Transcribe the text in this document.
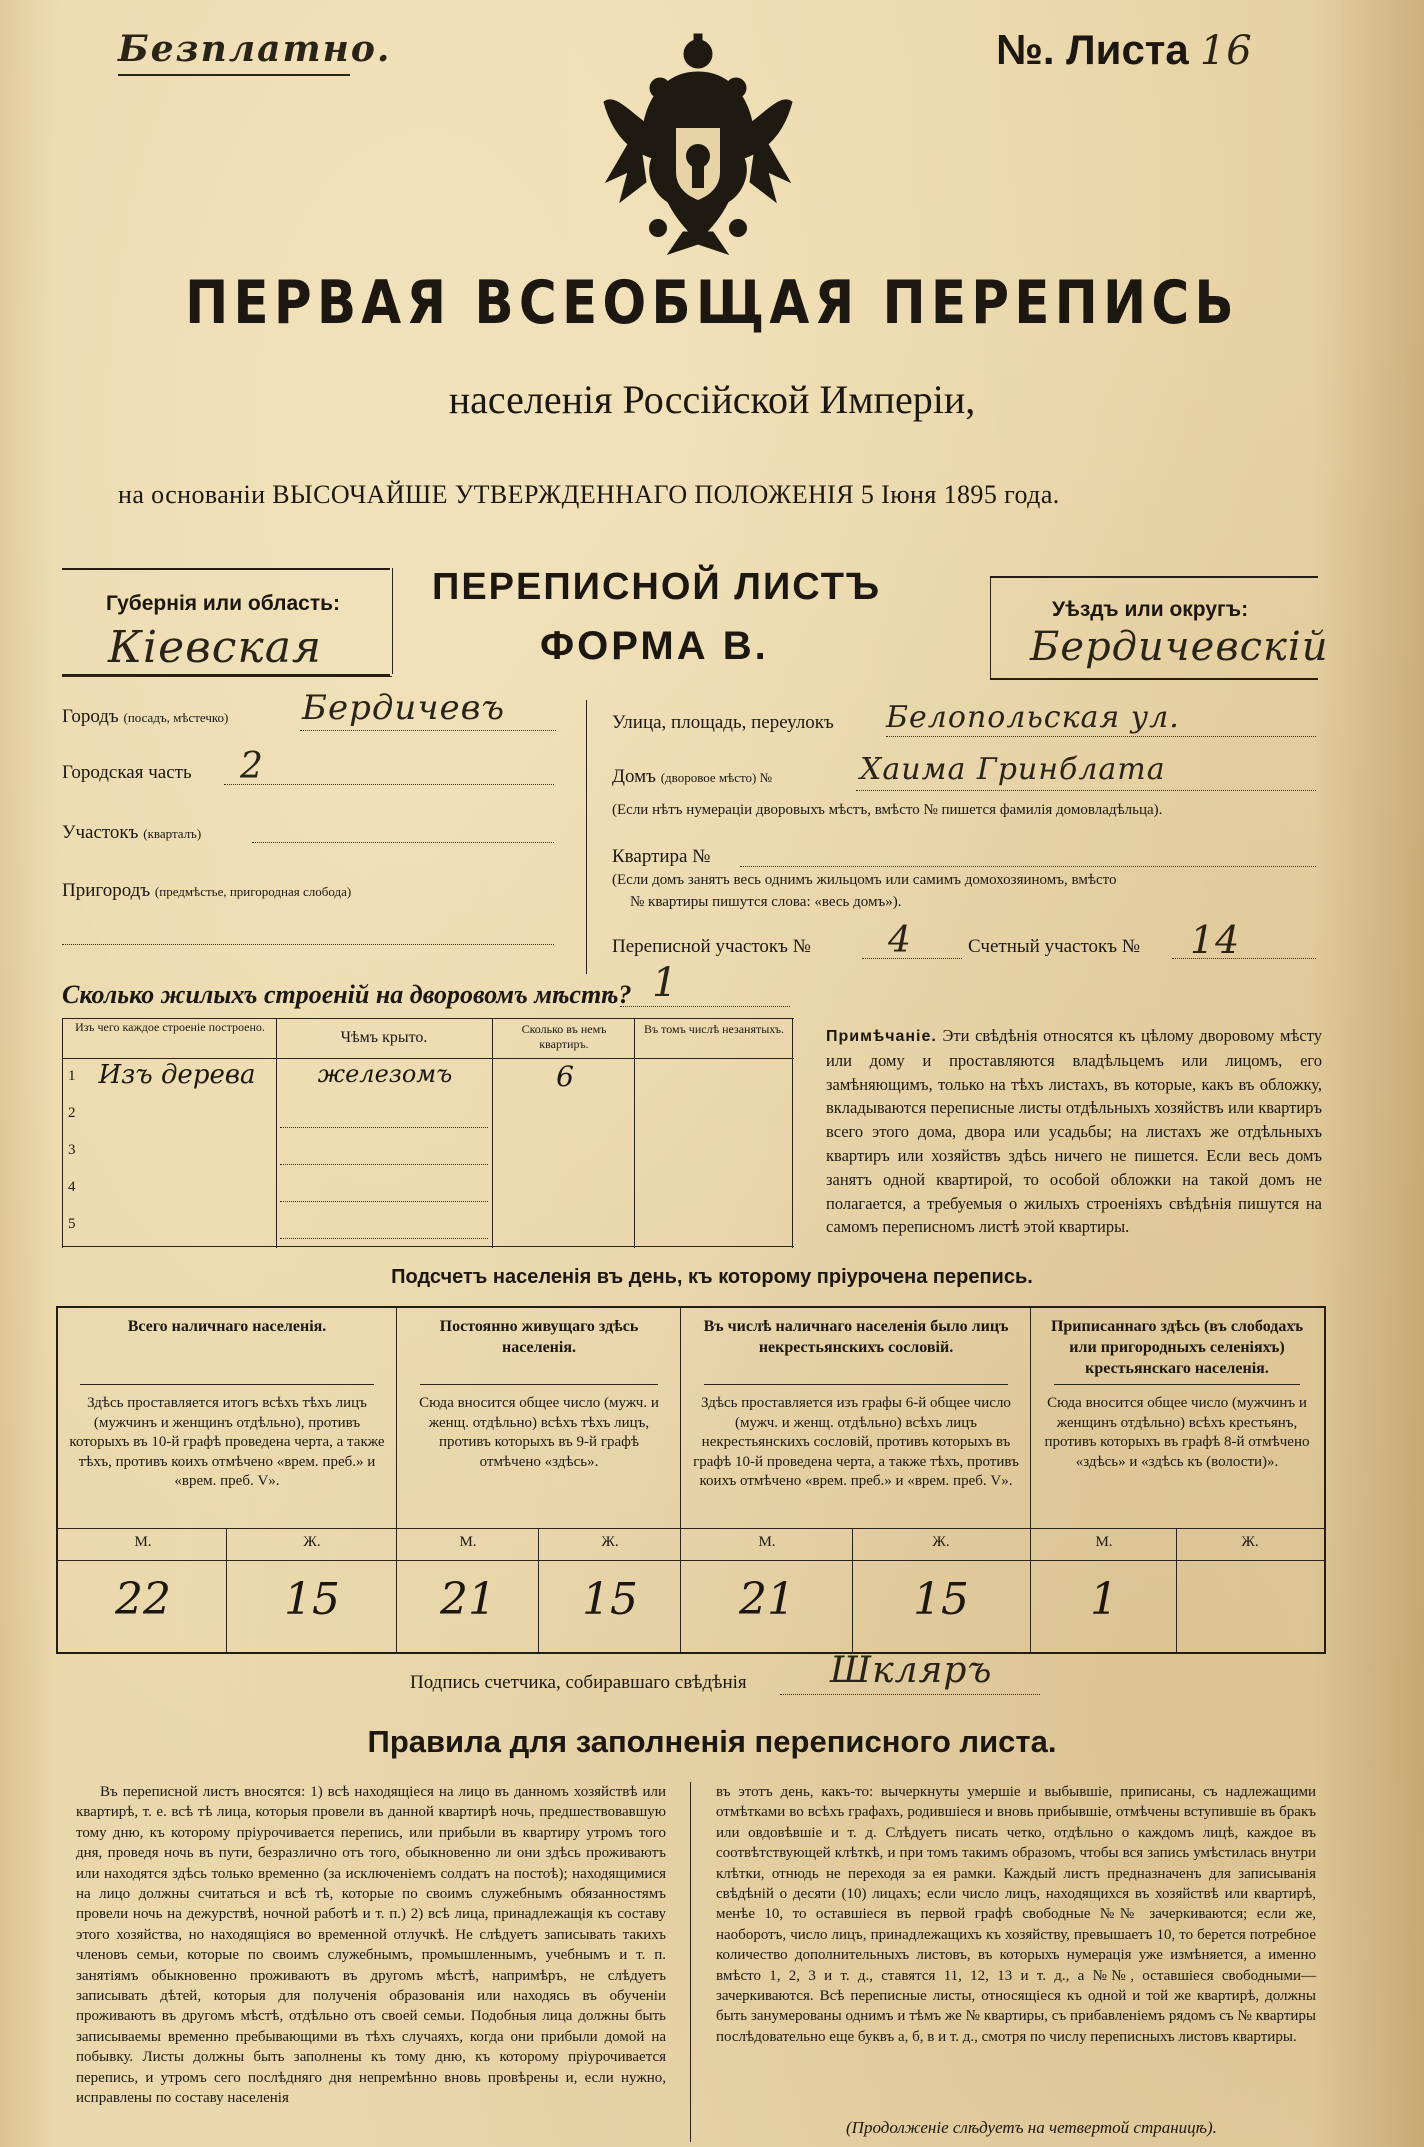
Безплатно.	№. Листа 16
ПЕРВАЯ ВСЕОБЩАЯ ПЕРЕПИСЬ
населенія Россійской Имперіи,
на основаніи ВЫСОЧАЙШЕ УТВЕРЖДЕННАГО ПОЛОЖЕНІЯ 5 Іюня 1895 года.
Губернія или область:
Кіевская
ПЕРЕПИСНОЙ ЛИСТЪ
ФОРМА В.
Уѣздъ или округъ:
Бердичевскій
Городъ (посадъ, мѣстечко) Бердичевъ
Городская часть 2
Участокъ (кварталъ)
Пригородъ (предмѣстье, пригородная слобода)
Улица, площадь, переулокъ Белопольская ул.
Домъ (дворовое мѣсто) №	Хаима Гринблата
(Если нѣтъ нумераціи дворовыхъ мѣстъ, вмѣсто № пишется фамилія домовладѣльца).
Квартира №
(Если домъ занятъ весь однимъ жильцомъ или самимъ домохозяиномъ, вмѣсто
№ квартиры пишутся слова: «весь домъ»).
Переписной участокъ № 4	Счетный участокъ № 14
Сколько жилыхъ строеній на дворовомъ мѣстѣ? 1
Изъ чего каждое строеніе построено.
Чѣмъ крыто.	Сколько въ немъ квартиръ.
Въ томъ числѣ незанятыхъ.
1 Изъ дерева	железомъ	6
2
3
4
5
Примѣчаніе. Эти свѣдѣнія относятся къ цѣлому дворовому мѣсту или дому и проставляются владѣльцемъ или лицомъ, его замѣняющимъ, только на тѣхъ листахъ, въ которые, какъ въ обложку, вкладываются переписные листы отдѣльныхъ хозяйствъ или квартиръ всего этого дома, двора или усадьбы; на листахъ же отдѣльныхъ квартиръ или хозяйствъ здѣсь ничего не пишется. Если весь домъ занятъ одной квартирой, то особой обложки на такой домъ не полагается, а требуемыя о жилыхъ строеніяхъ свѣдѣнія пишутся на самомъ переписномъ листѣ этой квартиры.
Подсчетъ населенія въ день, къ которому пріурочена перепись.
Всего наличнаго населенія.
Здѣсь проставляется итогъ всѣхъ тѣхъ лицъ (мужчинъ и женщинъ отдѣльно), противъ которыхъ въ 10-й графѣ проведена черта, а также тѣхъ, противъ коихъ отмѣчено «врем. преб.» и «врем. преб. V».
М.	Ж.
22	15
Постоянно живущаго здѣсь населенія.
Сюда вносится общее число (мужч. и женщ. отдѣльно) всѣхъ тѣхъ лицъ, противъ которыхъ въ 9-й графѣ отмѣчено «здѣсь».
М.	Ж.
21	15
Въ числѣ наличнаго населенія было лицъ некрестьянскихъ сословій.
Здѣсь проставляется изъ графы 6-й общее число (мужч. и женщ. отдѣльно) всѣхъ лицъ некрестьянскихъ сословій, противъ которыхъ въ графѣ 10-й проведена черта, а также тѣхъ, противъ коихъ отмѣчено «врем. преб.» и «врем. преб. V».
М.	Ж.
21	15
Приписаннаго здѣсь (въ слободахъ или пригородныхъ селеніяхъ) крестьянскаго населенія.
Сюда вносится общее число (мужчинъ и женщинъ отдѣльно) всѣхъ крестьянъ, противъ которыхъ въ графѣ 8-й отмѣчено «здѣсь» и «здѣсь къ (волости)».
М.	Ж.
1
Подпись счетчика, собиравшаго свѣдѣнія Шкляръ
Правила для заполненія переписного листа.
Въ переписной листъ вносятся: 1) всѣ находящіеся на лицо въ данномъ хозяйствѣ или квартирѣ, т. е. всѣ тѣ лица, которыя провели въ данной квартирѣ ночь, предшествовавшую тому дню, къ которому пріурочивается перепись, или прибыли въ квартиру утромъ того дня, проведя ночь въ пути, безразлично отъ того, обыкновенно ли они здѣсь проживаютъ или находятся здѣсь только временно (за исключеніемъ солдатъ на постоѣ); находящимися на лицо должны считаться и всѣ тѣ, которые по своимъ служебнымъ обязанностямъ провели ночь на дежурствѣ, ночной работѣ и т. п.) 2) всѣ лица, принадлежащія къ составу этого хозяйства, но находящіяся во временной отлучкѣ. Не слѣдуетъ записывать такихъ членовъ семьи, которые по своимъ служебнымъ, промышленнымъ, учебнымъ и т. п. занятіямъ обыкновенно проживаютъ въ другомъ мѣстѣ, напримѣръ, не слѣдуетъ записывать дѣтей, которыя для полученія образованія или находясь въ обученіи проживаютъ въ другомъ мѣстѣ, отдѣльно отъ своей семьи. Подобныя лица должны быть записываемы временно пребывающими въ тѣхъ случаяхъ, когда они прибыли домой на побывку. Листы должны быть заполнены къ тому дню, къ которому пріурочивается перепись, и утромъ сего послѣдняго дня непремѣнно вновь провѣрены и, если нужно, исправлены по составу населенія
въ этотъ день, какъ-то: вычеркнуты умершіе и выбывшіе, приписаны, съ надлежащими отмѣтками во всѣхъ графахъ, родившіеся и вновь прибывшіе, отмѣчены вступившіе въ бракъ или овдовѣвшіе и т. д. Слѣдуетъ писать четко, отдѣльно о каждомъ лицѣ, каждое въ соотвѣтствующей клѣткѣ, и при томъ такимъ образомъ, чтобы вся запись умѣстилась внутри клѣтки, отнюдь не переходя за ея рамки. Каждый листъ предназначенъ для записыванія свѣдѣній о десяти (10) лицахъ; если число лицъ, находящихся въ хозяйствѣ или квартирѣ, менѣе 10, то оставшіеся въ первой графѣ свободные №№ зачеркиваются; если же, наоборотъ, число лицъ, принадлежащихъ къ хозяйству, превышаетъ 10, то берется потребное количество дополнительныхъ листовъ, въ которыхъ нумерація уже измѣняется, а именно вмѣсто 1, 2, 3 и т. д., ставятся 11, 12, 13 и т. д., а №№, оставшіеся свободными—зачеркиваются. Всѣ переписные листы, относящіеся къ одной и той же квартирѣ, должны быть занумерованы однимъ и тѣмъ же № квартиры, съ прибавленіемъ рядомъ съ № квартиры послѣдовательно еще буквъ а, б, в и т. д., смотря по числу переписныхъ листовъ квартиры.
(Продолженіе слѣдуетъ на четвертой страницѣ).
